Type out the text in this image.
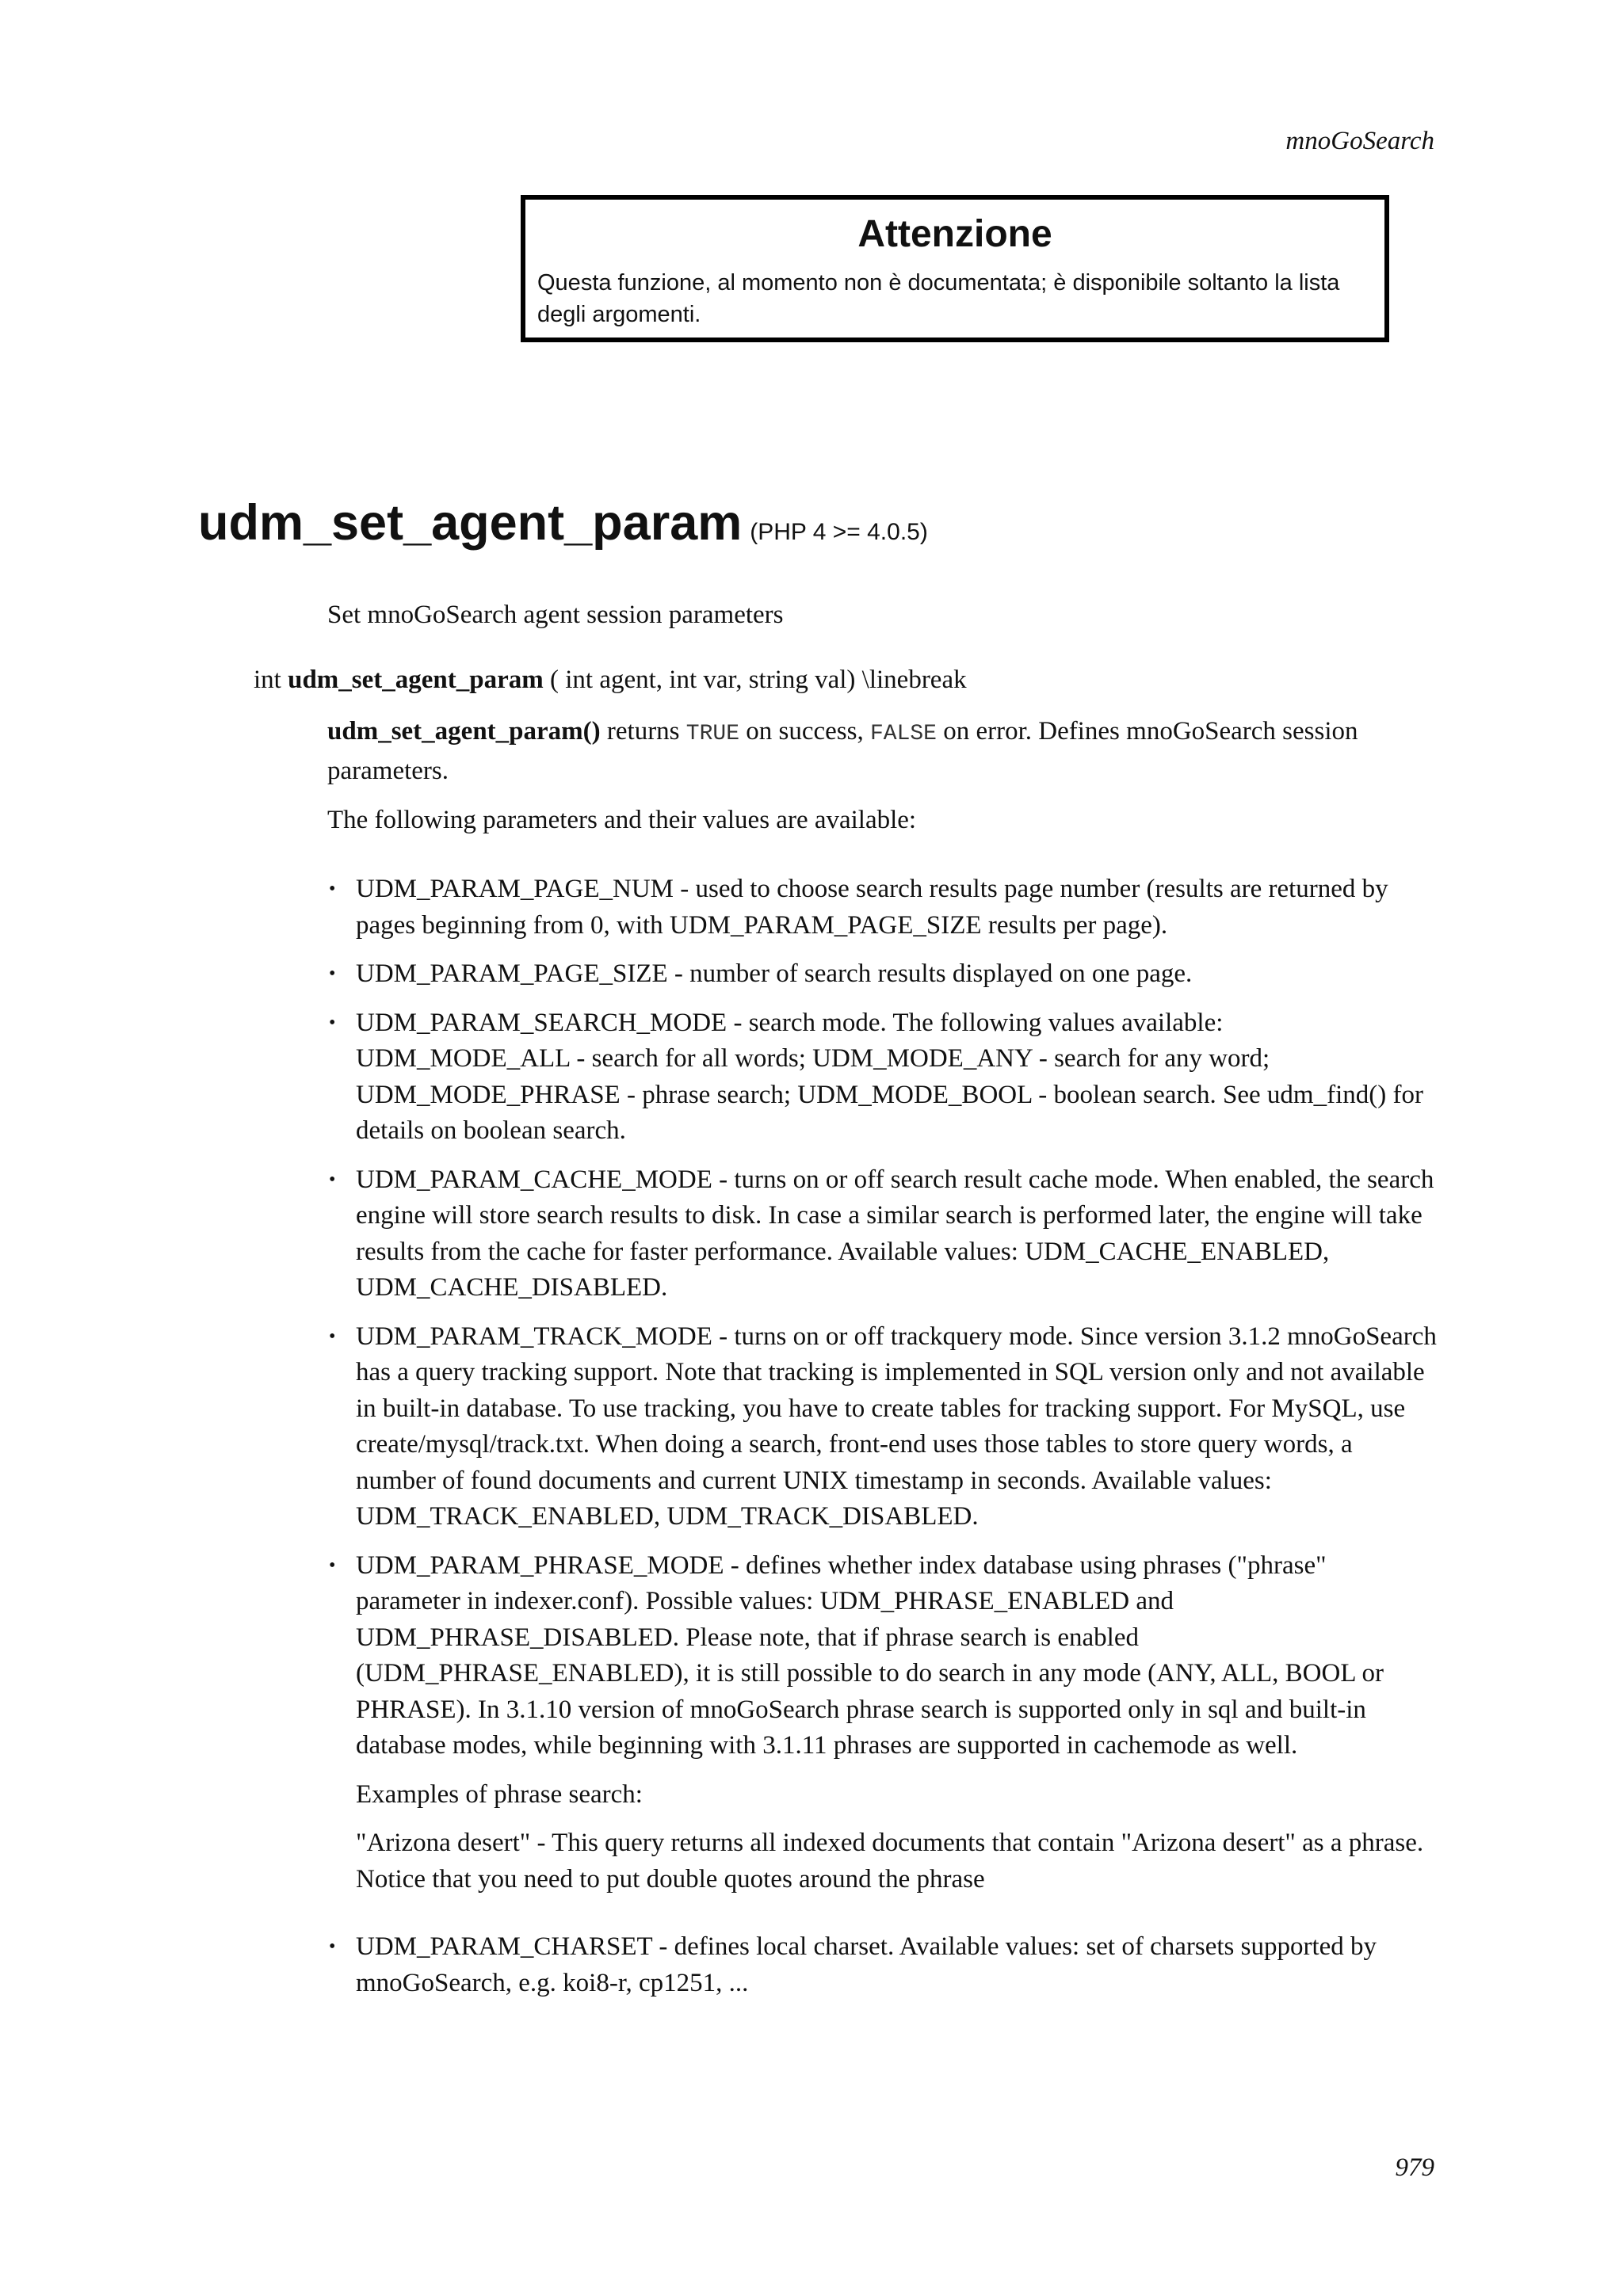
mnoGoSearch

Attenzione

Questa funzione, al momento non è documentata; è disponibile soltanto la lista degli argomenti.

udm_set_agent_param (PHP 4 >= 4.0.5)
Set mnoGoSearch agent session parameters
int udm_set_agent_param ( int agent, int var, string val) \linebreak

udm_set_agent_param() returns TRUE on success, FALSE on error. Defines mnoGoSearch session parameters.

The following parameters and their values are available:

• UDM_PARAM_PAGE_NUM - used to choose search results page number (results are returned by pages beginning from 0, with UDM_PARAM_PAGE_SIZE results per page).

• UDM_PARAM_PAGE_SIZE - number of search results displayed on one page.

• UDM_PARAM_SEARCH_MODE - search mode. The following values available: UDM_MODE_ALL - search for all words; UDM_MODE_ANY - search for any word; UDM_MODE_PHRASE - phrase search; UDM_MODE_BOOL - boolean search. See udm_find() for details on boolean search.

• UDM_PARAM_CACHE_MODE - turns on or off search result cache mode. When enabled, the search engine will store search results to disk. In case a similar search is performed later, the engine will take results from the cache for faster performance. Available values: UDM_CACHE_ENABLED, UDM_CACHE_DISABLED.

• UDM_PARAM_TRACK_MODE - turns on or off trackquery mode. Since version 3.1.2 mnoGoSearch has a query tracking support. Note that tracking is implemented in SQL version only and not available in built-in database. To use tracking, you have to create tables for tracking support. For MySQL, use create/mysql/track.txt. When doing a search, front-end uses those tables to store query words, a number of found documents and current UNIX timestamp in seconds. Available values: UDM_TRACK_ENABLED, UDM_TRACK_DISABLED.

• UDM_PARAM_PHRASE_MODE - defines whether index database using phrases ("phrase" parameter in indexer.conf). Possible values: UDM_PHRASE_ENABLED and UDM_PHRASE_DISABLED. Please note, that if phrase search is enabled (UDM_PHRASE_ENABLED), it is still possible to do search in any mode (ANY, ALL, BOOL or PHRASE). In 3.1.10 version of mnoGoSearch phrase search is supported only in sql and built-in database modes, while beginning with 3.1.11 phrases are supported in cachemode as well.

Examples of phrase search:

"Arizona desert" - This query returns all indexed documents that contain "Arizona desert" as a phrase. Notice that you need to put double quotes around the phrase

• UDM_PARAM_CHARSET - defines local charset. Available values: set of charsets supported by mnoGoSearch, e.g. koi8-r, cp1251, ...

979
